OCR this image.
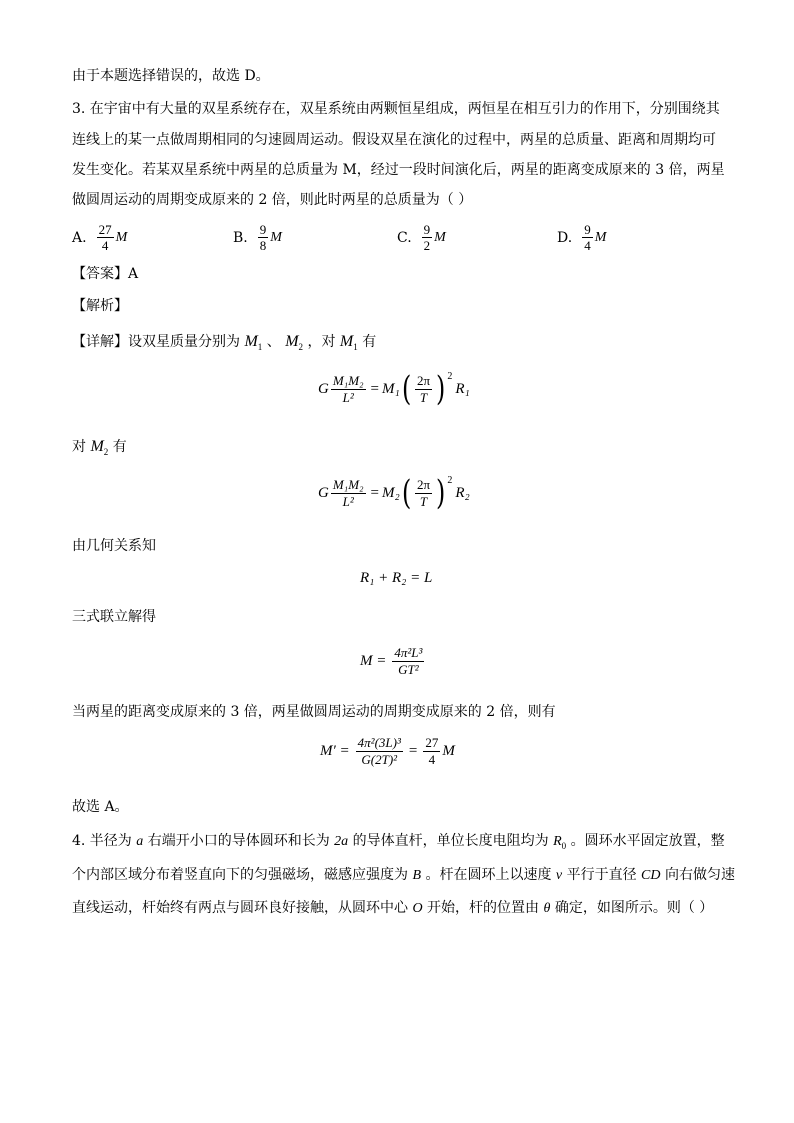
由于本题选择错误的，故选 D。
3. 在宇宙中有大量的双星系统存在，双星系统由两颗恒星组成，两恒星在相互引力的作用下，分别围绕其
连线上的某一点做周期相同的匀速圆周运动。假设双星在演化的过程中，两星的总质量、距离和周期均可
发生变化。若某双星系统中两星的总质量为 M，经过一段时间演化后，两星的距离变成原来的 3 倍，两星
做圆周运动的周期变成原来的 2 倍，则此时两星的总质量为（ ）
A. $\frac{27}{4}$ M	B. $\frac{9}{8}$ M	C. $\frac{9}{2}$ M	D. $\frac{9}{4}$ M
【答案】A
【解析】
【详解】设双星质量分别为 $M_1$ 、 $M_2$ ，对 $M_1$ 有
G $\frac{\text{M₁M₂}}{\text{L²}} = M_1$ ( $\frac{2\pi}{T} )^2$
R₁
对 $M_2$ 有
G $\frac{\text{M₁M₂}}{\text{L²}} = M_2$ ( $\frac{2\pi}{T} )^2$
R₂
由几何关系知
R₁ + R₂ = L
三式联立解得
$M = \frac{\text{4π²L³}}{\text{GT²}}$
当两星的距离变成原来的 3 倍，两星做圆周运动的周期变成原来的 2 倍，则有
$M' = \frac{\text{4π²(3L)³}}{\text{G(2T)²}} = \frac{27}{4}$ M
故选 A。
4. 半径为 a 右端开小口的导体圆环和长为 2a 的导体直杆，单位长度电阻均为 $R_0$ 。圆环水平固定放置，整
个内部区域分布着竖直向下的匀强磁场，磁感应强度为 B 。杆在圆环上以速度 v 平行于直径 CD 向右做匀速
直线运动，杆始终有两点与圆环良好接触，从圆环中心 O 开始，杆的位置由 θ 确定，如图所示。则（ ）
